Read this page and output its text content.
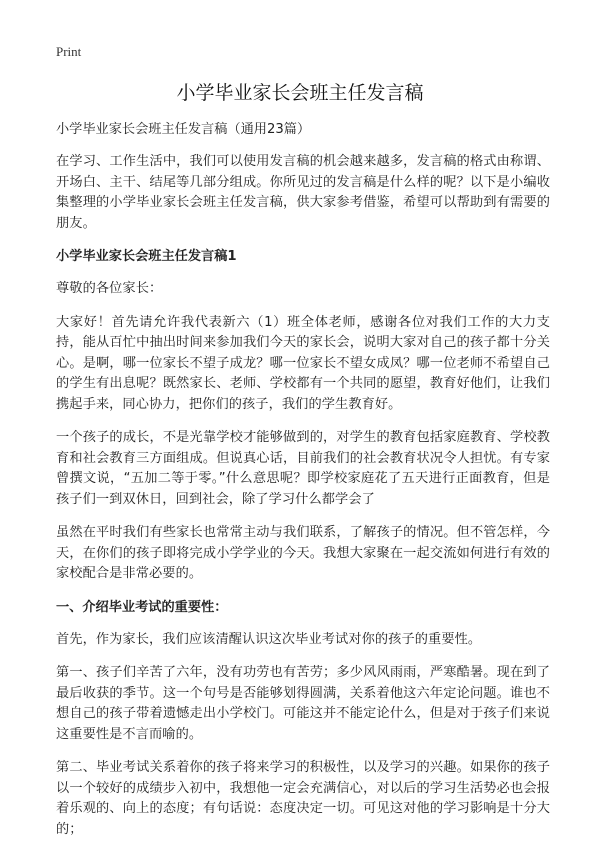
Print
小学毕业家长会班主任发言稿

小学毕业家长会班主任发言稿（通用23篇）

在学习、工作生活中，我们可以使用发言稿的机会越来越多，发言稿的格式由称谓、开场白、主干、结尾等几部分组成。你所见过的发言稿是什么样的呢？以下是小编收集整理的小学毕业家长会班主任发言稿，供大家参考借鉴，希望可以帮助到有需要的朋友。

小学毕业家长会班主任发言稿1

尊敬的各位家长：

大家好！首先请允许我代表新六（1）班全体老师，感谢各位对我们工作的大力支持，能从百忙中抽出时间来参加我们今天的家长会，说明大家对自己的孩子都十分关心。是啊，哪一位家长不望子成龙？哪一位家长不望女成凤？哪一位老师不希望自己的学生有出息呢？既然家长、老师、学校都有一个共同的愿望，教育好他们，让我们携起手来，同心协力，把你们的孩子，我们的学生教育好。

一个孩子的成长，不是光靠学校才能够做到的，对学生的教育包括家庭教育、学校教育和社会教育三方面组成。但说真心话，目前我们的社会教育状况令人担忧。有专家曾撰文说，“五加二等于零。”什么意思呢？即学校家庭花了五天进行正面教育，但是孩子们一到双休日，回到社会，除了学习什么都学会了

虽然在平时我们有些家长也常常主动与我们联系，了解孩子的情况。但不管怎样，今天，在你们的孩子即将完成小学学业的今天。我想大家聚在一起交流如何进行有效的家校配合是非常必要的。

一、介绍毕业考试的重要性：

首先，作为家长，我们应该清醒认识这次毕业考试对你的孩子的重要性。

第一、孩子们辛苦了六年，没有功劳也有苦劳；多少风风雨雨，严寒酷暑。现在到了最后收获的季节。这一个句号是否能够划得圆满，关系着他这六年定论问题。谁也不想自己的孩子带着遗憾走出小学校门。可能这并不能定论什么，但是对于孩子们来说这重要性是不言而喻的。

第二、毕业考试关系着你的孩子将来学习的积极性，以及学习的兴趣。如果你的孩子以一个较好的成绩步入初中，我想他一定会充满信心，对以后的学习生活势必也会报着乐观的、向上的态度；有句话说：态度决定一切。可见这对他的学习影响是十分大的；
